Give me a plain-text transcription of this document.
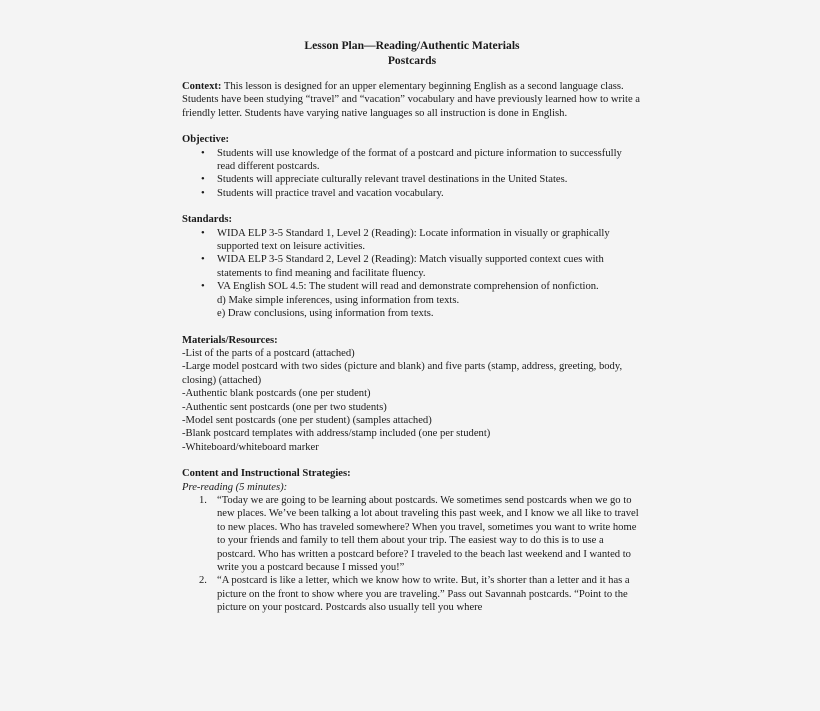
Lesson Plan—Reading/Authentic Materials
Postcards

Context: This lesson is designed for an upper elementary beginning English as a second language class. Students have been studying “travel” and “vacation” vocabulary and have previously learned how to write a friendly letter. Students have varying native languages so all instruction is done in English.

Objective:
• Students will use knowledge of the format of a postcard and picture information to successfully read different postcards.
• Students will appreciate culturally relevant travel destinations in the United States.
• Students will practice travel and vacation vocabulary.
Standards:
• WIDA ELP 3-5 Standard 1, Level 2 (Reading): Locate information in visually or graphically supported text on leisure activities.
• WIDA ELP 3-5 Standard 2, Level 2 (Reading): Match visually supported context cues with statements to find meaning and facilitate fluency.
• VA English SOL 4.5: The student will read and demonstrate comprehension of nonfiction.
d) Make simple inferences, using information from texts.
e) Draw conclusions, using information from texts.
Materials/Resources:
-List of the parts of a postcard (attached)
-Large model postcard with two sides (picture and blank) and five parts (stamp, address, greeting, body, closing) (attached)
-Authentic blank postcards (one per student)
-Authentic sent postcards (one per two students)
-Model sent postcards (one per student) (samples attached)
-Blank postcard templates with address/stamp included (one per student)
-Whiteboard/whiteboard marker
Content and Instructional Strategies:
Pre-reading (5 minutes):
1. “Today we are going to be learning about postcards. We sometimes send postcards when we go to new places. We’ve been talking a lot about traveling this past week, and I know we all like to travel to new places. Who has traveled somewhere? When you travel, sometimes you want to write home to your friends and family to tell them about your trip. The easiest way to do this is to use a postcard. Who has written a postcard before? I traveled to the beach last weekend and I wanted to write you a postcard because I missed you!”
2. “A postcard is like a letter, which we know how to write. But, it’s shorter than a letter and it has a picture on the front to show where you are traveling.” Pass out Savannah postcards. “Point to the picture on your postcard. Postcards also usually tell you where
